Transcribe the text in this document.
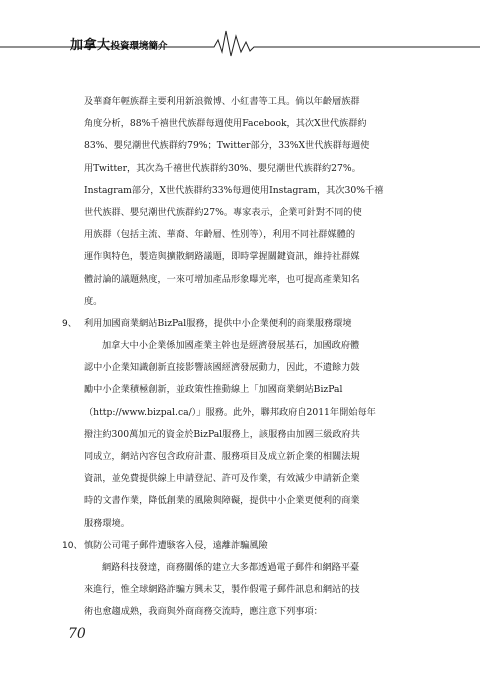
加拿大投資環境簡介
及華裔年輕族群主要利用新浪微博、小紅書等工具。倘以年齡層族群
角度分析，88%千禧世代族群每週使用Facebook，其次X世代族群約
83%、嬰兒潮世代族群約79%；Twitter部分，33%X世代族群每週使
用Twitter，其次為千禧世代族群約30%、嬰兒潮世代族群約27%。
Instagram部分，X世代族群約33%每週使用Instagram，其次30%千禧
世代族群、嬰兒潮世代族群約27%。專家表示，企業可針對不同的使
用族群（包括主流、華裔、年齡層、性別等），利用不同社群媒體的
運作與特色，製造與擴散網路議題，即時掌握關鍵資訊，維持社群媒
體討論的議題熱度，一來可增加產品形象曝光率，也可提高產業知名
度。
9、 利用加國商業網站BizPal服務，提供中小企業便利的商業服務環境
加拿大中小企業係加國產業主幹也是經濟發展基石，加國政府體
認中小企業知識創新直接影響該國經濟發展動力，因此，不遺餘力鼓
勵中小企業積極創新，並政策性推動線上「加國商業網站BizPal
（http://www.bizpal.ca/）」服務。此外，聯邦政府自2011年開始每年
撥注約300萬加元的資金於BizPal服務上，該服務由加國三級政府共
同成立，網站內容包含政府計畫、服務項目及成立新企業的相關法規
資訊，並免費提供線上申請登記、許可及作業，有效減少申請新企業
時的文書作業，降低創業的風險與障礙，提供中小企業更便利的商業
服務環境。
10、 慎防公司電子郵件遭駭客入侵，遠離詐騙風險
網路科技發達，商務關係的建立大多都透過電子郵件和網路平臺
來進行，惟全球網路詐騙方興未艾，製作假電子郵件訊息和網站的技
術也愈趨成熟，我商與外商商務交流時，應注意下列事項：
70
